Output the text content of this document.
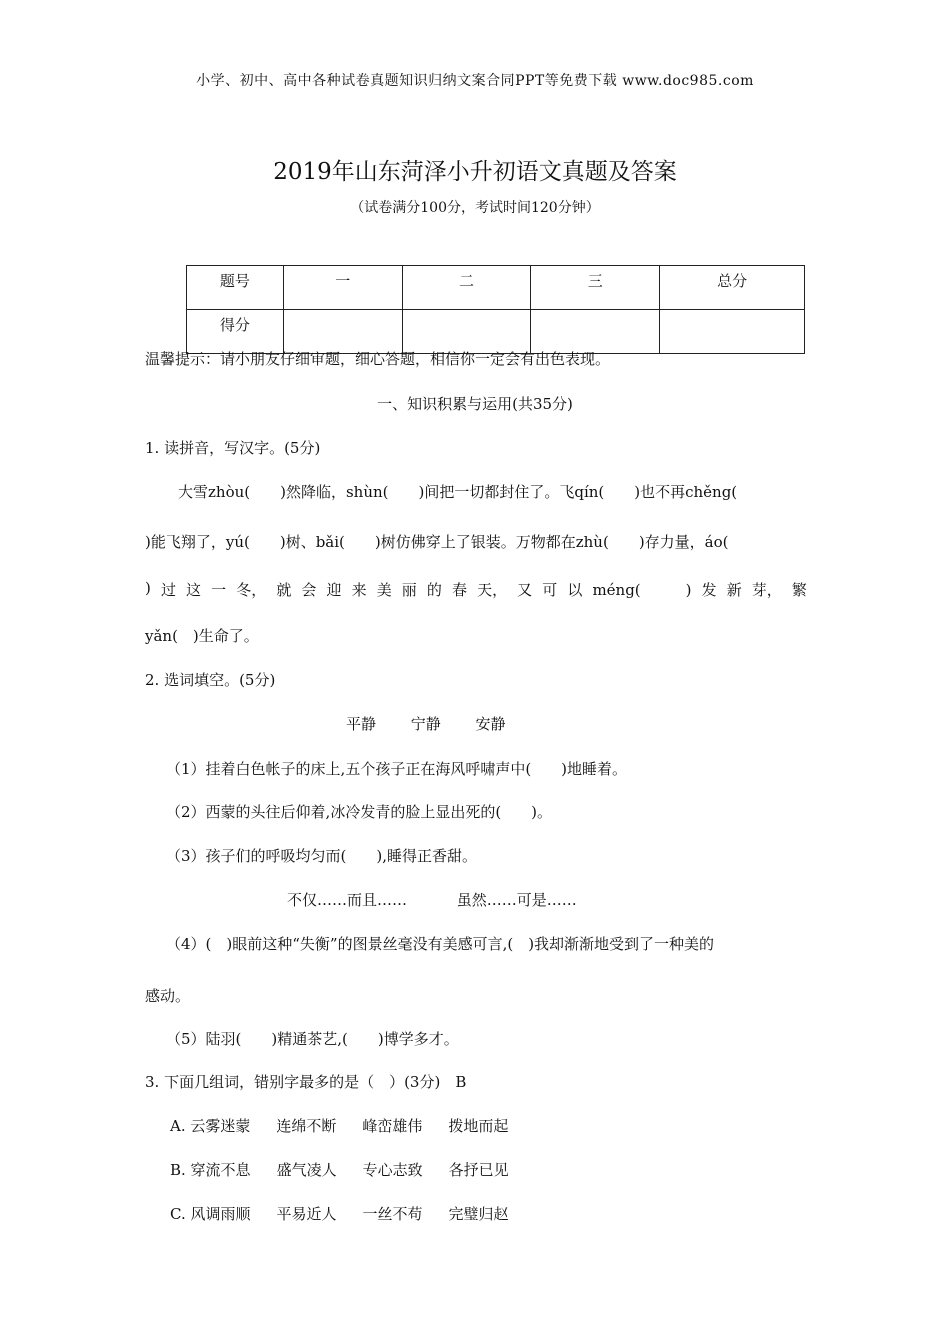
小学、初中、高中各种试卷真题知识归纳文案合同PPT等免费下载 www.doc985.com
2019年山东菏泽小升初语文真题及答案
（试卷满分100分，考试时间120分钟）
题号	一	二	三	总分
得分				
温馨提示：请小朋友仔细审题，细心答题，相信你一定会有出色表现。
一、知识积累与运用(共35分)
1. 读拼音，写汉字。(5分)
大雪zhòu(　　)然降临，shùn(　　)间把一切都封住了。飞qín(　　)也不再chěng(
)能飞翔了，yú(　　)树、bǎi(　　)树仿佛穿上了银装。万物都在zhù(　　)存力量，áo(
) 过 这 一 冬， 就 会 迎 来 美 丽 的 春 天， 又 可 以 méng(　　　) 发 新 芽， 繁
yǎn(　)生命了。
2. 选词填空。(5分)
平静　　 宁静　　 安静
（1）挂着白色帐子的床上,五个孩子正在海风呼啸声中(　　)地睡着。
（2）西蒙的头往后仰着,冰冷发青的脸上显出死的(　　)。
（3）孩子们的呼吸均匀而(　　),睡得正香甜。
不仅……而且……　　　 虽然……可是……
（4）(　)眼前这种“失衡”的图景丝毫没有美感可言,(　)我却渐渐地受到了一种美的
感动。
（5）陆羽(　　)精通茶艺,(　　)博学多才。
3. 下面几组词，错别字最多的是（　）(3分)　B
A. 云雾迷蒙 连绵不断 峰峦雄伟 拨地而起
B. 穿流不息 盛气凌人 专心志致 各抒已见
C. 风调雨顺 平易近人 一丝不苟 完璧归赵
